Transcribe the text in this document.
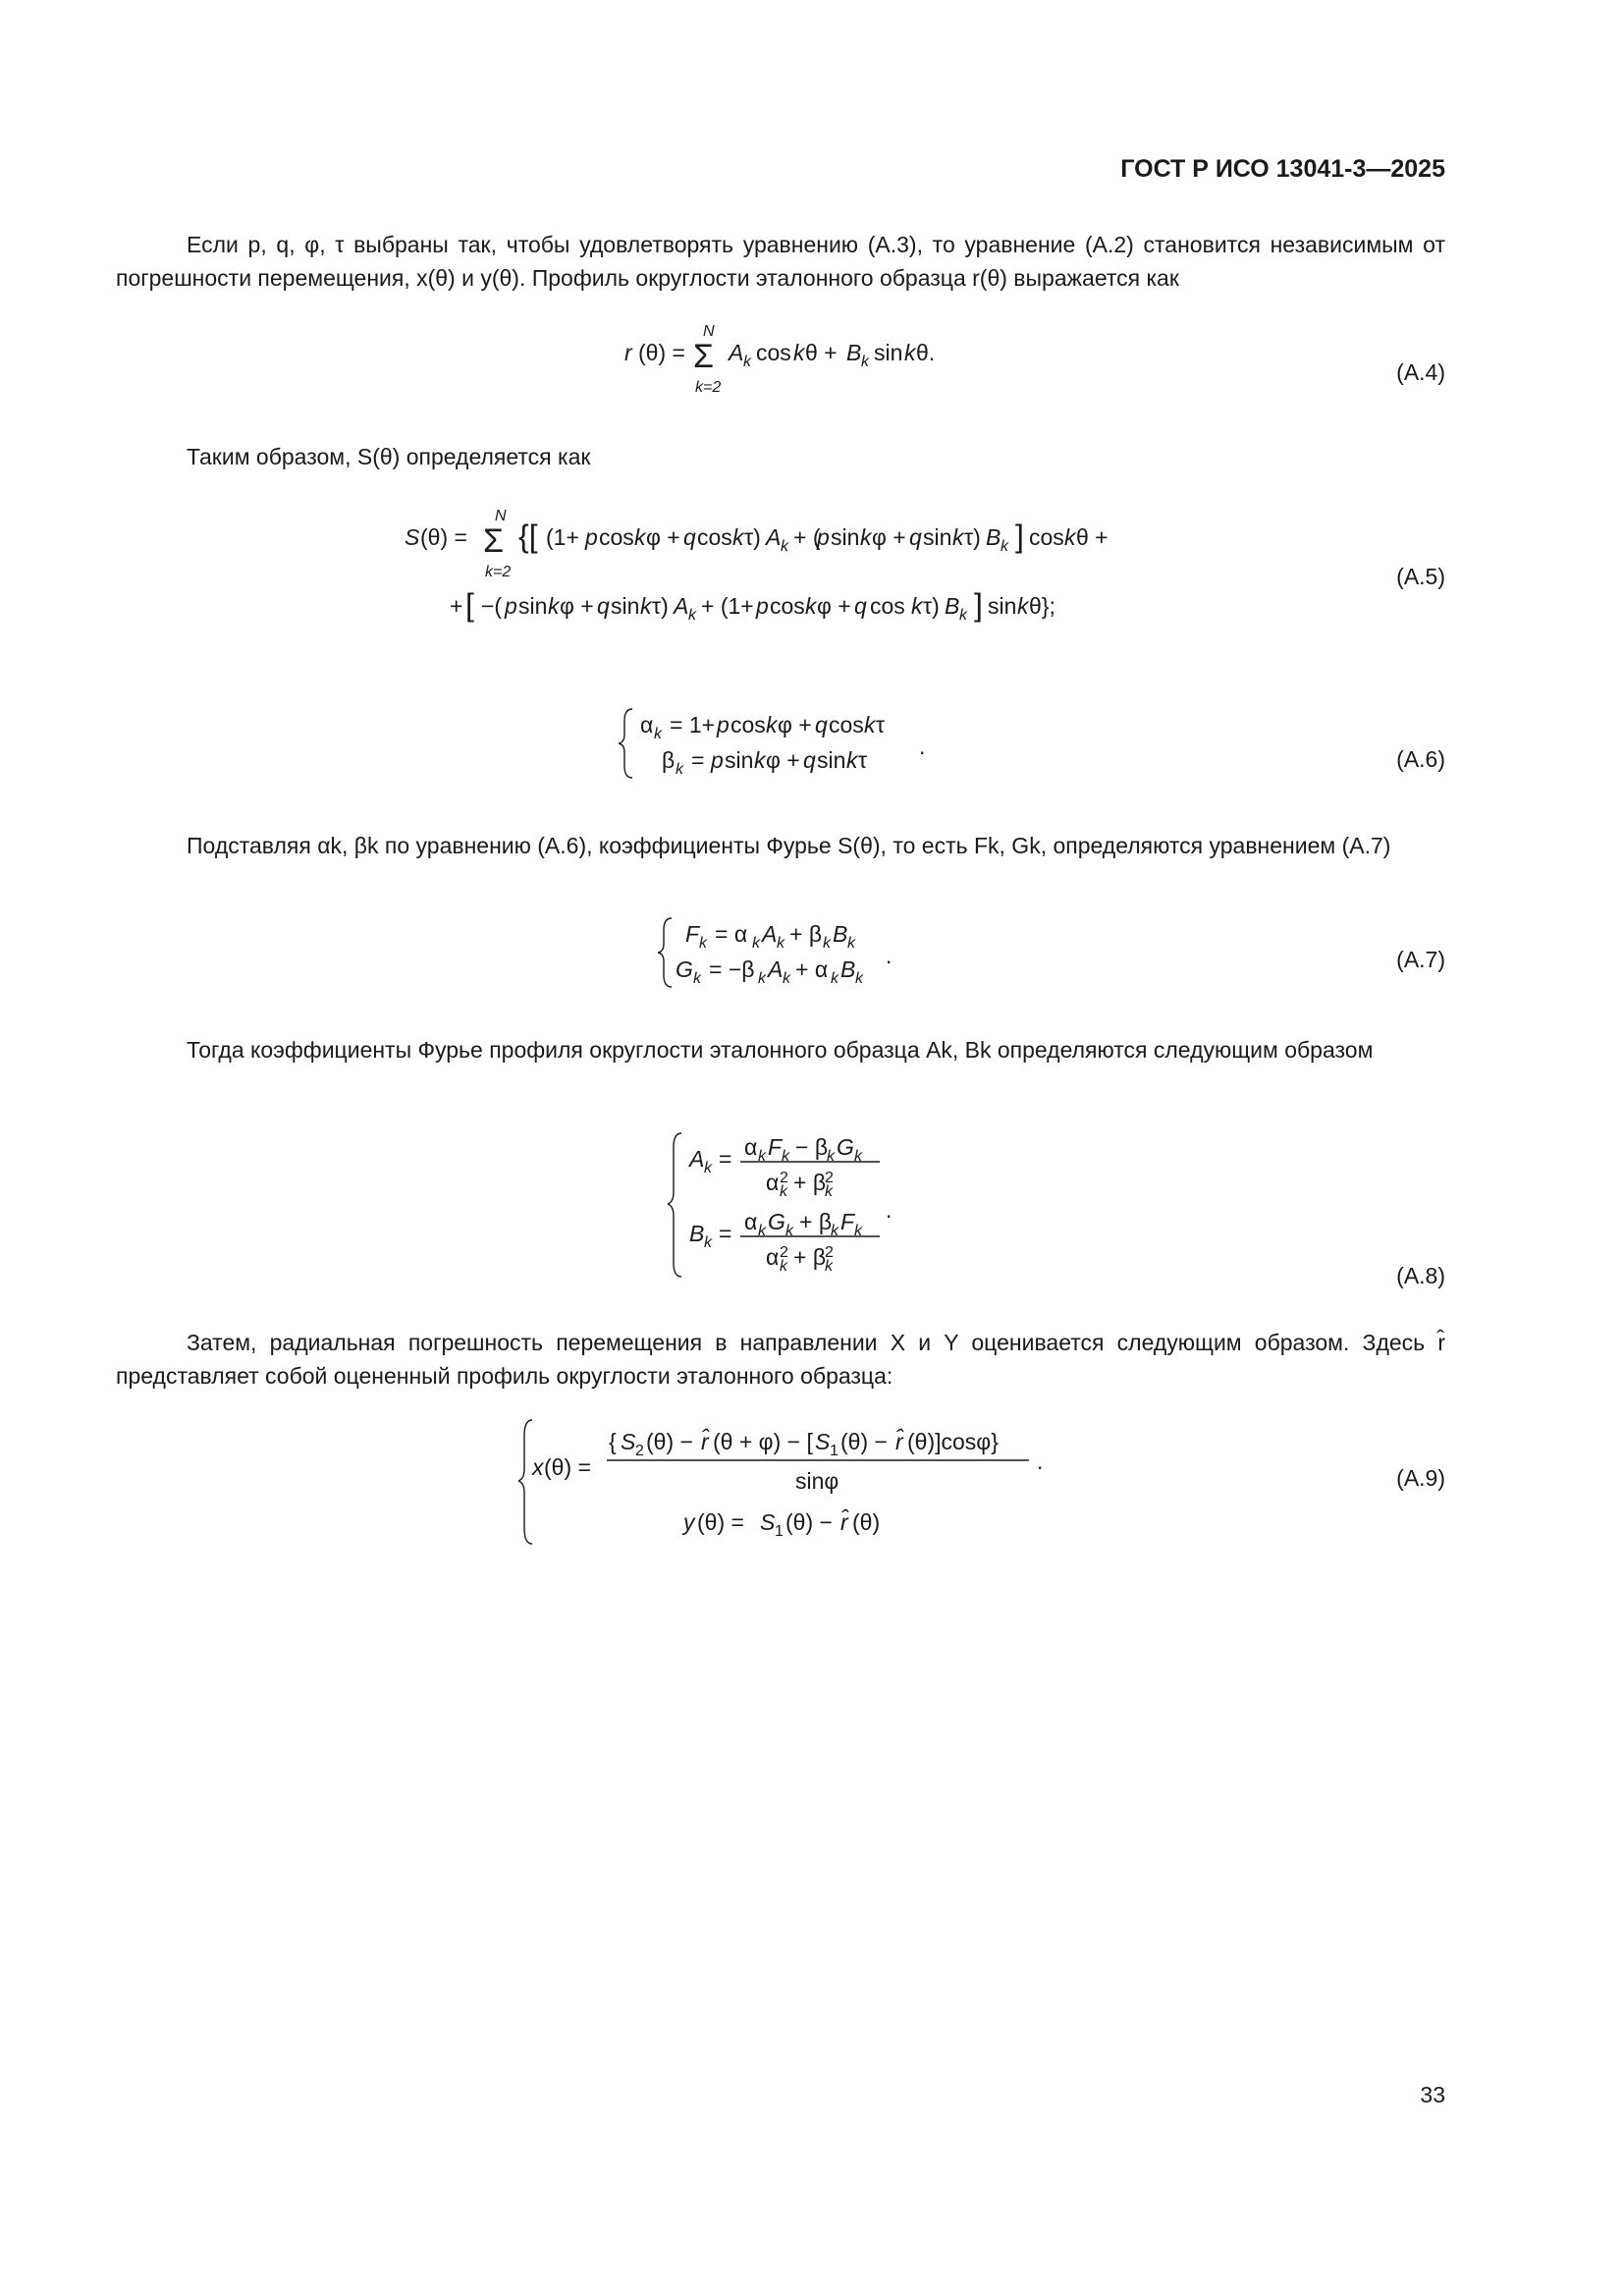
ГОСТ Р ИСО 13041-3—2025
Если p, q, φ, τ выбраны так, чтобы удовлетворять уравнению (А.3), то уравнение (А.2) становится независимым от погрешности перемещения, x(θ) и y(θ). Профиль округлости эталонного образца r(θ) выражается как
r (θ) =
N
Σ
k=2
A k cos k θ + B k sin k θ.
(А.4)
Таким образом, S(θ) определяется как
S (θ) =
N
Σ
k=2
{[ (1+ p cos k φ + q cos k τ) A k + (
p sin k φ + q sin k τ) B k ] cos k θ +
+ [ −( p sin k φ + q sin k τ) A k + (1+ p cos k φ + q cos k τ) B k ] sin k θ};
(А.5)
α k = 1+ p cos k φ + q cos k τ
β k = p sin k φ + q sin k τ
.	(А.6)
Подставляя αk, βk по уравнению (А.6), коэффициенты Фурье S(θ), то есть Fk, Gk, определяются уравнением (А.7)
F k = α k A k + β k B k
G k = −β k A k + α k B k
.	(А.7)
Тогда коэффициенты Фурье профиля округлости эталонного образца Ak, Bk определяются следующим образом
A k = α k F k − β
k G k
α 2
k + β
2
k
B k = α k G k + β
k F k
α 2
k + β
2
k
.
(А.8)
Затем, радиальная погрешность перемещения в направлении X и Y оценивается следующим образом. Здесь r̂ представляет собой оцененный профиль округлости эталонного образца:
x (θ) =
{ S 2 (θ) − r̂ (θ + φ) − [ S 1 (θ) − r̂ (θ)]cosφ}
sinφ
.
y (θ) = S 1 (θ) − r̂ (θ)
(А.9)
33
